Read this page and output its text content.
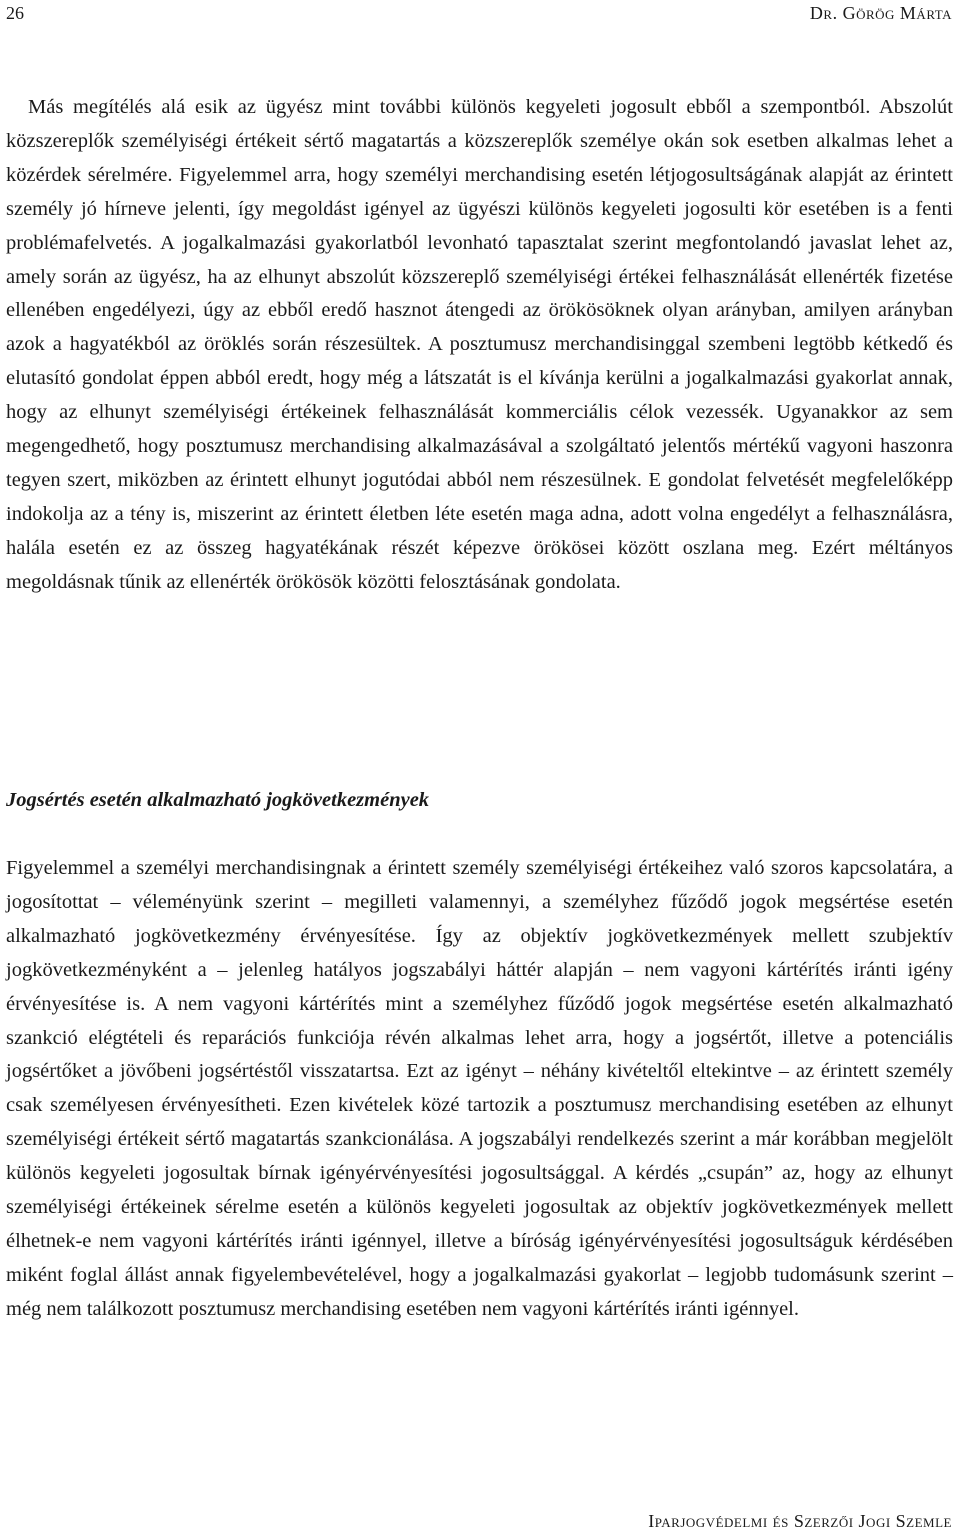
26	Dr. Görög Márta

Más megítélés alá esik az ügyész mint további különös kegyeleti jogosult ebből a szempontból. Abszolút közszereplők személyiségi értékeit sértő magatartás a közszereplők személye okán sok esetben alkalmas lehet a közérdek sérelmére. Figyelemmel arra, hogy személyi merchandising esetén létjogosultságának alapját az érintett személy jó hírneve jelenti, így megoldást igényel az ügyészi különös kegyeleti jogosulti kör esetében is a fenti problémafelvetés. A jogalkalmazási gyakorlatból levonható tapasztalat szerint megfontolandó javaslat lehet az, amely során az ügyész, ha az elhunyt abszolút közszereplő személyiségi értékei felhasználását ellenérték fizetése ellenében engedélyezi, úgy az ebből eredő hasznot átengedi az örökösöknek olyan arányban, amilyen arányban azok a hagyatékból az öröklés során részesültek. A posztumusz merchandisinggal szembeni legtöbb kétkedő és elutasító gondolat éppen abból eredt, hogy még a látszatát is el kívánja kerülni a jogalkalmazási gyakorlat annak, hogy az elhunyt személyiségi értékeinek felhasználását kommerciális célok vezessék. Ugyanakkor az sem megengedhető, hogy posztumusz merchandising alkalmazásával a szolgáltató jelentős mértékű vagyoni haszonra tegyen szert, miközben az érintett elhunyt jogutódai abból nem részesülnek. E gondolat felvetését megfelelőképp indokolja az a tény is, miszerint az érintett életben léte esetén maga adna, adott volna engedélyt a felhasználásra, halála esetén ez az összeg hagyatékának részét képezve örökösei között oszlana meg. Ezért méltányos megoldásnak tűnik az ellenérték örökösök közötti felosztásának gondolata.

Jogsértés esetén alkalmazható jogkövetkezmények

Figyelemmel a személyi merchandisingnak a érintett személy személyiségi értékeihez való szoros kapcsolatára, a jogosítottat – véleményünk szerint – megilleti valamennyi, a személyhez fűződő jogok megsértése esetén alkalmazható jogkövetkezmény érvényesítése. Így az objektív jogkövetkezmények mellett szubjektív jogkövetkezményként a – jelenleg hatályos jogszabályi háttér alapján – nem vagyoni kártérítés iránti igény érvényesítése is. A nem vagyoni kártérítés mint a személyhez fűződő jogok megsértése esetén alkalmazható szankció elégtételi és reparációs funkciója révén alkalmas lehet arra, hogy a jogsértőt, illetve a potenciális jogsértőket a jövőbeni jogsértéstől visszatartsa. Ezt az igényt – néhány kivételtől eltekintve – az érintett személy csak személyesen érvényesítheti. Ezen kivételek közé tartozik a posztumusz merchandising esetében az elhunyt személyiségi értékeit sértő magatartás szankcionálása. A jogszabályi rendelkezés szerint a már korábban megjelölt különös kegyeleti jogosultak bírnak igényérvényesítési jogosultsággal. A kérdés „csupán” az, hogy az elhunyt személyiségi értékeinek sérelme esetén a különös kegyeleti jogosultak az objektív jogkövetkezmények mellett élhetnek-e nem vagyoni kártérítés iránti igénnyel, illetve a bíróság igényérvényesítési jogosultságuk kérdésében miként foglal állást annak figyelembevételével, hogy a jogalkalmazási gyakorlat – legjobb tudomásunk szerint – még nem találkozott posztumusz merchandising esetében nem vagyoni kártérítés iránti igénnyel.

Iparjogvédelmi és Szerzői Jogi Szemle
